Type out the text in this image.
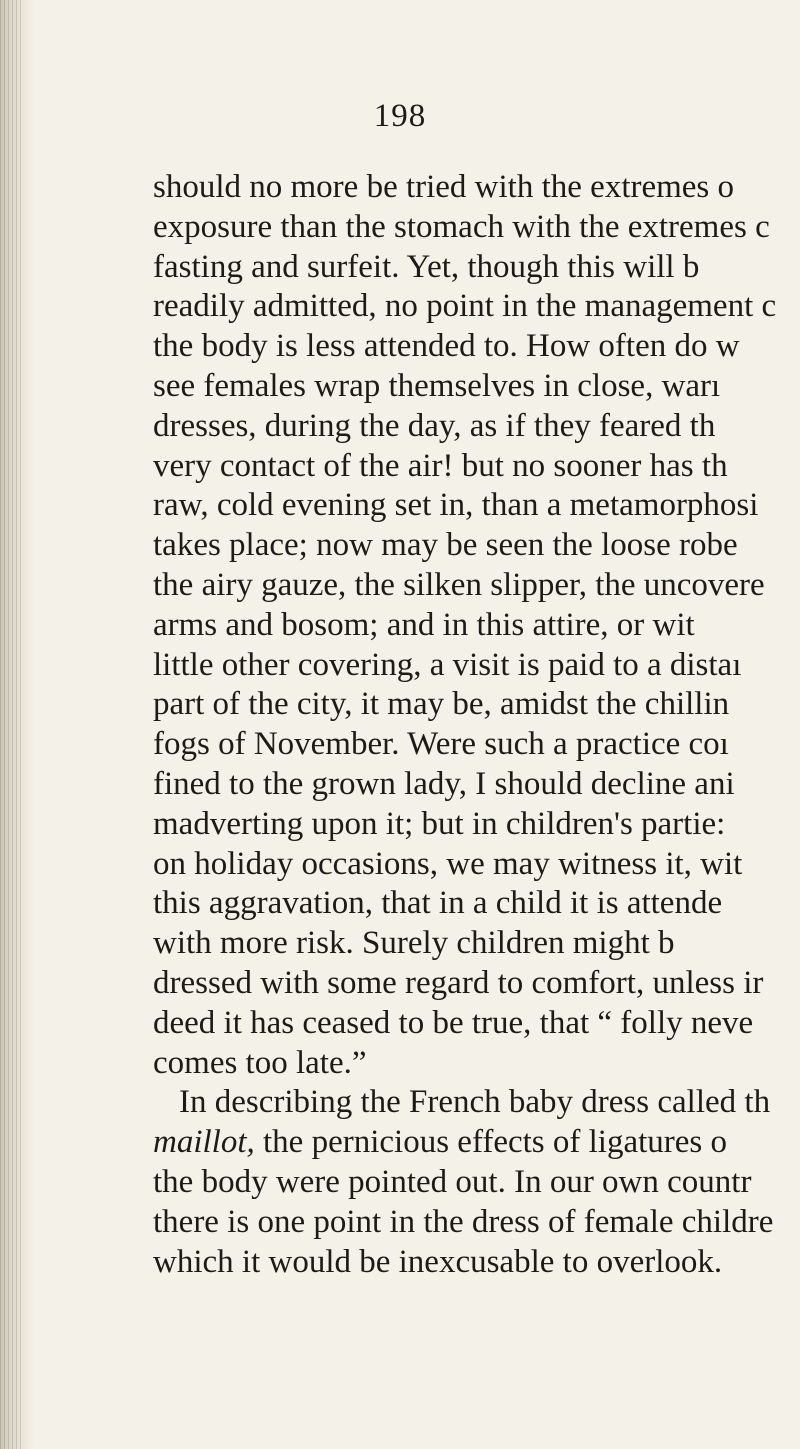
198
should no more be tried with the extremes o
exposure than the stomach with the extremes c
fasting and surfeit. Yet, though this will b
readily admitted, no point in the management c
the body is less attended to. How often do w
see females wrap themselves in close, warı
dresses, during the day, as if they feared th
very contact of the air! but no sooner has th
raw, cold evening set in, than a metamorphosi
takes place; now may be seen the loose robe
the airy gauze, the silken slipper, the uncovere
arms and bosom; and in this attire, or wit
little other covering, a visit is paid to a distaı
part of the city, it may be, amidst the chillin
fogs of November. Were such a practice coı
fined to the grown lady, I should decline ani
madverting upon it; but in children's partie:
on holiday occasions, we may witness it, wit
this aggravation, that in a child it is attende
with more risk. Surely children might b
dressed with some regard to comfort, unless ir
deed it has ceased to be true, that “ folly neve
comes too late.”
In describing the French baby dress called th
maillot, the pernicious effects of ligatures o
the body were pointed out. In our own countr
there is one point in the dress of female childre
which it would be inexcusable to overlook.
